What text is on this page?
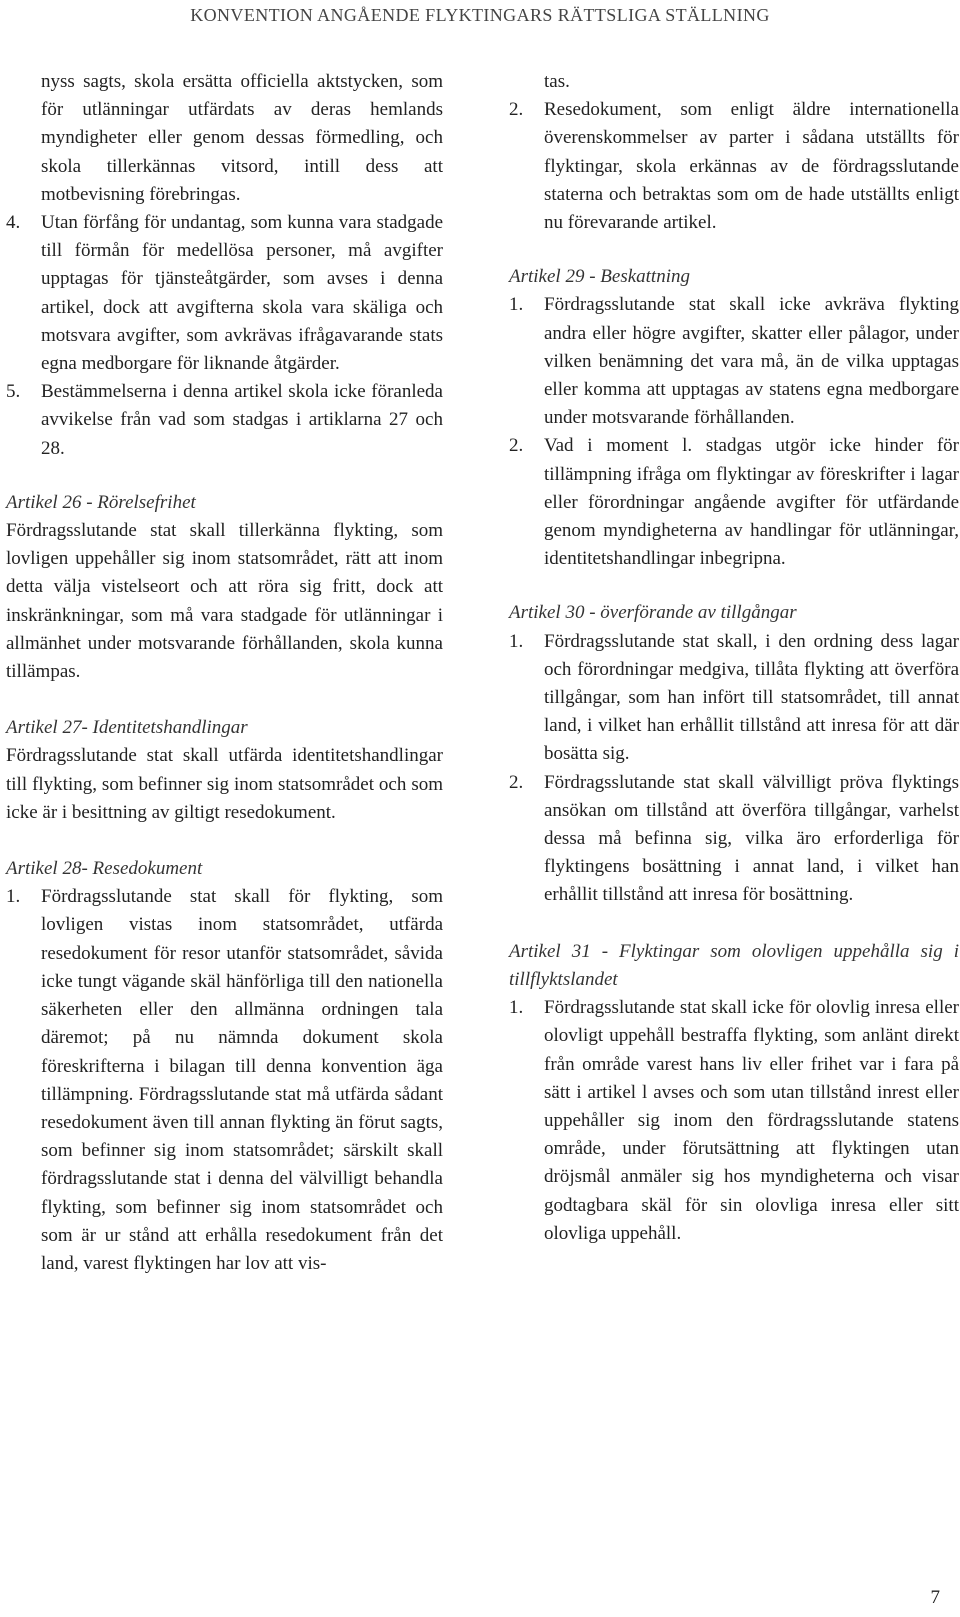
KONVENTION ANGÅENDE FLYKTINGARS RÄTTSLIGA STÄLLNING

nyss sagts, skola ersätta officiella aktstycken, som för utlänningar utfärdats av deras hemlands myndigheter eller genom dessas förmedling, och skola tillerkännas vitsord, intill dess att motbevisning förebringas.

4.	Utan förfång för undantag, som kunna vara stadgade till förmån för medellösa personer, må avgifter upptagas för tjänsteåtgärder, som avses i denna artikel, dock att avgifterna skola vara skäliga och motsvara avgifter, som avkrävas ifrågavarande stats egna medborgare för liknande åtgärder.
5.	Bestämmelserna i denna artikel skola icke föranleda avvikelse från vad som stadgas i artiklarna 27 och 28.

Artikel 26 - Rörelsefrihet

Fördragsslutande stat skall tillerkänna flykting, som lovligen uppehåller sig inom statsområdet, rätt att inom detta välja vistelseort och att röra sig fritt, dock att inskränkningar, som må vara stadgade för utlänningar i allmänhet under motsvarande förhållanden, skola kunna tillämpas.

Artikel 27- Identitetshandlingar

Fördragsslutande stat skall utfärda identitetshandlingar till flykting, som befinner sig inom statsområdet och som icke är i besittning av giltigt resedokument.

Artikel 28- Resedokument

1.	Fördragsslutande stat skall för flykting, som lovligen vistas inom statsområdet, utfärda resedokument för resor utanför statsområdet, såvida icke tungt vägande skäl hänförliga till den nationella säkerheten eller den allmänna ordningen tala däremot; på nu nämnda dokument skola föreskrifterna i bilagan till denna konvention äga tillämpning. Fördragsslutande stat må utfärda sådant resedokument även till annan flykting än förut sagts, som befinner sig inom statsområdet; särskilt skall fördragsslutande stat i denna del välvilligt behandla flykting, som befinner sig inom statsområdet och som är ur stånd att erhålla resedokument från det land, varest flyktingen har lov att vis-

tas.

2.	Resedokument, som enligt äldre internationella överenskommelser av parter i sådana utställts för flyktingar, skola erkännas av de fördragsslutande staterna och betraktas som om de hade utställts enligt nu förevarande artikel.

Artikel 29 - Beskattning

1.	Fördragsslutande stat skall icke avkräva flykting andra eller högre avgifter, skatter eller pålagor, under vilken benämning det vara må, än de vilka upptagas eller komma att upptagas av statens egna medborgare under motsvarande förhållanden.
2.	Vad i moment l. stadgas utgör icke hinder för tillämpning ifråga om flyktingar av föreskrifter i lagar eller förordningar angående avgifter för utfärdande genom myndigheterna av handlingar för utlänningar, identitetshandlingar inbegripna.

Artikel 30 - överförande av tillgångar

1.	Fördragsslutande stat skall, i den ordning dess lagar och förordningar medgiva, tillåta flykting att överföra tillgångar, som han infört till statsområdet, till annat land, i vilket han erhållit tillstånd att inresa för att där bosätta sig.
2.	Fördragsslutande stat skall välvilligt pröva flyktings ansökan om tillstånd att överföra tillgångar, varhelst dessa må befinna sig, vilka äro erforderliga för flyktingens bosättning i annat land, i vilket han erhållit tillstånd att inresa för bosättning.

Artikel 31 - Flyktingar som olovligen uppehålla sig i tillflyktslandet

1.	Fördragsslutande stat skall icke för olovlig inresa eller olovligt uppehåll bestraffa flykting, som anlänt direkt från område varest hans liv eller frihet var i fara på sätt i artikel l avses och som utan tillstånd inrest eller uppehåller sig inom den fördragsslutande statens område, under förutsättning att flyktingen utan dröjsmål anmäler sig hos myndigheterna och visar godtagbara skäl för sin olovliga inresa eller sitt olovliga uppehåll.
7
